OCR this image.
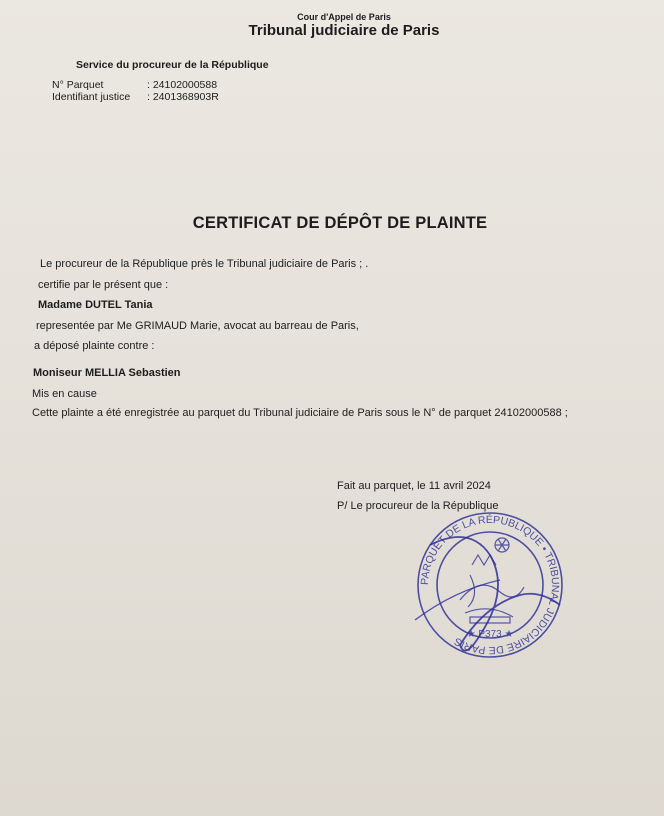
Cour d'Appel de Paris
Tribunal judiciaire de Paris
Service du procureur de la République
N° Parquet	: 24102000588
Identifiant justice : 2401368903R
CERTIFICAT DE DÉPÔT DE PLAINTE
Le procureur de la République près le Tribunal judiciaire de Paris ; .
certifie par le présent que :
Madame DUTEL Tania
representée par Me GRIMAUD Marie, avocat au barreau de Paris,
a déposé plainte contre :
Moniseur MELLIA Sebastien
Mis en cause
Cette plainte a été enregistrée au parquet du Tribunal judiciaire de Paris sous le N° de parquet 24102000588 ;
Fait au parquet, le 11 avril 2024
P/ Le procureur de la République
PARQUET DE LA RÉPUBLIQUE • TRIBUNAL JUDICIAIRE DE PARIS
★ P373 ★
